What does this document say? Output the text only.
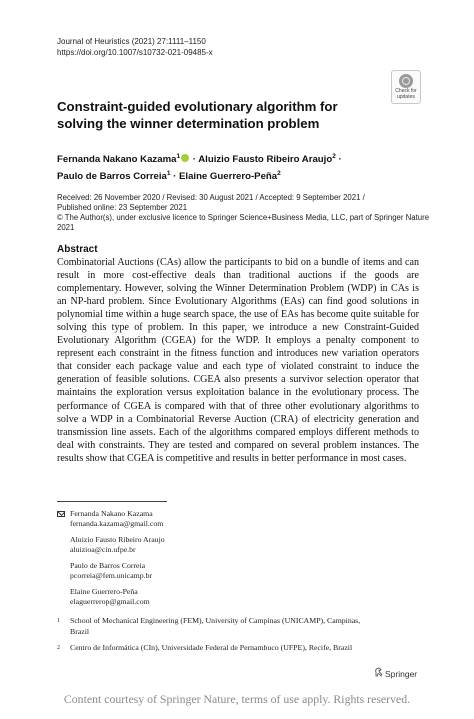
Journal of Heuristics (2021) 27:1111–1150
https://doi.org/10.1007/s10732-021-09485-x
Check for
updates
Constraint-guided evolutionary algorithm for solving the winner determination problem
Fernanda Nakano Kazama$^1$ · Aluizio Fausto Ribeiro Araujo$^2$ ·
Paulo de Barros Correia$^1$ · Elaine Guerrero-Peña$^2$
Received: 26 November 2020 / Revised: 30 August 2021 / Accepted: 9 September 2021 /
Published online: 23 September 2021
© The Author(s), under exclusive licence to Springer Science+Business Media, LLC, part of Springer Nature 2021
Abstract
Combinatorial Auctions (CAs) allow the participants to bid on a bundle of items and can result in more cost-effective deals than traditional auctions if the goods are complementary. However, solving the Winner Determination Problem (WDP) in CAs is an NP-hard problem. Since Evolutionary Algorithms (EAs) can find good solutions in polynomial time within a huge search space, the use of EAs has become quite suitable for solving this type of problem. In this paper, we introduce a new Constraint-Guided Evolutionary Algorithm (CGEA) for the WDP. It employs a penalty component to represent each constraint in the fitness function and introduces new variation operators that consider each package value and each type of violated constraint to induce the generation of feasible solutions. CGEA also presents a survivor selection operator that maintains the exploration versus exploitation balance in the evolutionary process. The performance of CGEA is compared with that of three other evolutionary algorithms to solve a WDP in a Combinatorial Reverse Auction (CRA) of electricity generation and transmission line assets. Each of the algorithms compared employs different methods to deal with constraints. They are tested and compared on several problem instances. The results show that CGEA is competitive and results in better performance in most cases.
Fernanda Nakano Kazama
fernanda.kazama@gmail.com
Aluizio Fausto Ribeiro Araujo
aluizioa@cin.ufpe.br
Paulo de Barros Correia
pcorreia@fem.unicamp.br
Elaine Guerrero-Peña
elaguerrerop@gmail.com
1 School of Mechanical Engineering (FEM), University of Campinas (UNICAMP), Campinas,
Brazil
2 Centro de Informática (CIn), Universidade Federal de Pernambuco (UFPE), Recife, Brazil
Springer
Content courtesy of Springer Nature, terms of use apply. Rights reserved.
